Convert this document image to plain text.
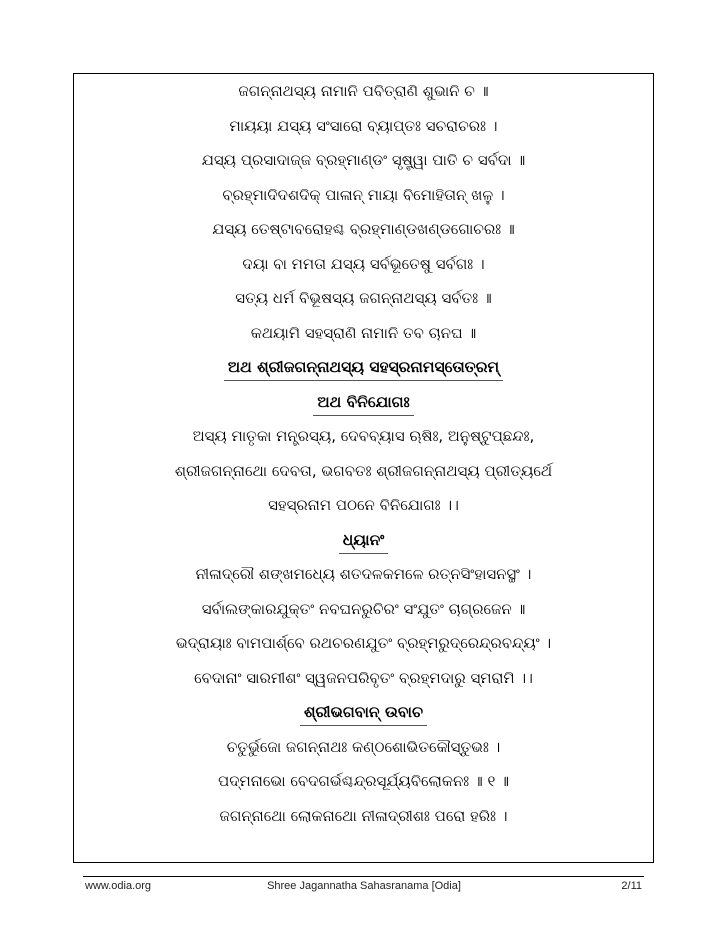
ଜଗନ୍ନାଥସ୍ୟ ନାମାନି ପବିତ୍ରାଣି ଶୁଭାନି ଚ ॥
ମାୟୟା ଯସ୍ୟ ସଂସାରୋ ବ୍ୟାପ୍ତଃ ସଚରାଚରଃ ।
ଯସ୍ୟ ପ୍ରସାଦାଜ୍ଜ ବ୍ରହ୍ମାଣ୍ଡଂ ସୃଷ୍ଟ୍ୱା ପାତି ଚ ସର୍ବଦା ॥
ବ୍ରହ୍ମାଦିଦଶଦିକ୍ ପାଳାନ୍ ମାୟା ବିମୋହିତାନ୍ ଖଳୁ ।
ଯସ୍ୟ ତେଷ୍ଟାବରୋହଶ୍ଚ ବ୍ରହ୍ମାଣ୍ଡଖଣ୍ଡଗୋଚରଃ ॥
ଦୟା ବା ମମତା ଯସ୍ୟ ସର୍ବଭୂତେଷୁ ସର୍ବଗଃ ।
ସତ୍ୟ ଧର୍ମ ବିଭୂଷସ୍ୟ ଜଗନ୍ନାଥସ୍ୟ ସର୍ବତଃ ॥
କଥୟାମି ସହସ୍ରାଣି ନାମାନି ତବ ଚାନଘ ॥
ଅଥ ଶ୍ରୀଜଗନ୍ନାଥସ୍ୟ ସହସ୍ରନାମସ୍ତୋତ୍ରମ୍
ଅଥ ବିନିଯୋଗଃ
ଅସ୍ୟ ମାତୃକା ମନ୍ତ୍ରସ୍ୟ, ଦେବବ୍ୟାସ ଋଷିଃ, ଅନୁଷ୍ଟୁପ୍ଛନ୍ଦଃ,
ଶ୍ରୀଜଗନ୍ନାଥୋ ଦେବତା, ଭଗବତଃ ଶ୍ରୀଜଗନ୍ନାଥସ୍ୟ ପ୍ରୀତ୍ୟର୍ଥେ
ସହସ୍ରନାମ ପଠନେ ବିନିଯୋଗଃ ।।
ଧ୍ୟାନଂ
ନୀଳାଦ୍ରୌ ଶଙ୍ଖମଧ୍ୟେ ଶତଦଳକମଳେ ରତ୍ନସିଂହାସନସ୍ଥଂ ।
ସର୍ବାଲଙ୍କାରଯୁକ୍ତଂ ନବଘନରୁଚିରଂ ସଂଯୁତଂ ଚାଗ୍ରଜେନ ॥
ଭଦ୍ରାୟାଃ ବାମପାର୍ଶ୍ବେ ରଥଚରଣଯୁତଂ ବ୍ରହ୍ମରୁଦ୍ରେନ୍ଦ୍ରବନ୍ଦ୍ୟଂ ।
ବେଦାନାଂ ସାରମୀଶଂ ସ୍ୱଜନପରିବୃତଂ ବ୍ରହ୍ମଦାରୁ ସ୍ମରାମି ।।
ଶ୍ରୀଭଗବାନ୍ ଉବାଚ
ଚତୁର୍ଭୁଜୋ ଜଗନ୍ନାଥଃ କଣ୍ଠଶୋଭିତକୌସ୍ତୁଭଃ ।
ପଦ୍ମନାଭୋ ବେଦଗର୍ଭଶ୍ଚନ୍ଦ୍ରସୂର୍ଯ୍ୟବିଲୋକନଃ ॥ ୧ ॥
ଜଗନ୍ନାଥୋ ଲୋକନାଥୋ ନୀଳାଦ୍ରୀଶଃ ପରୋ ହରିଃ ।
www.odia.org	Shree Jagannatha Sahasranama [Odia]	2/11
